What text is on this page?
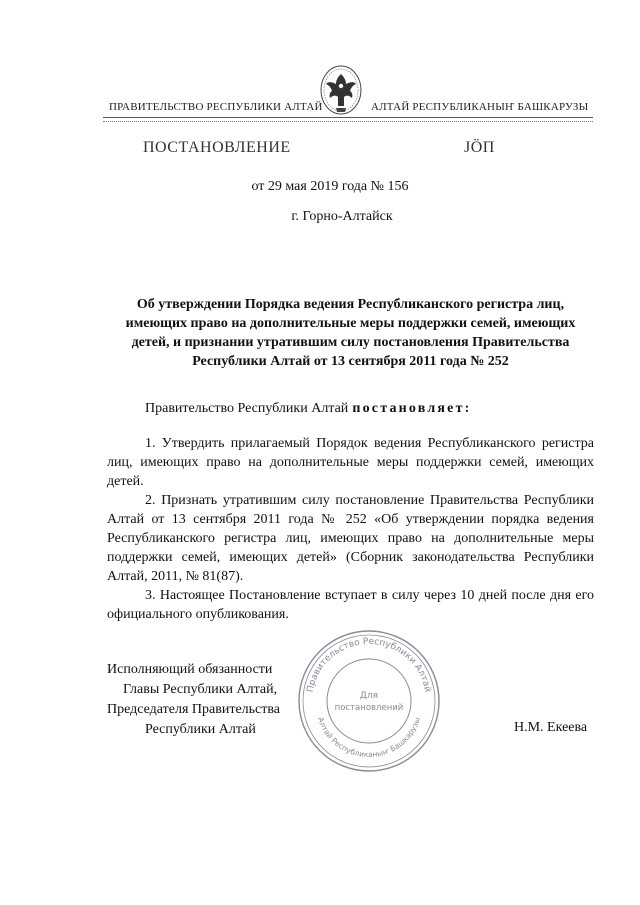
ПРАВИТЕЛЬСТВО РЕСПУБЛИКИ АЛТАЙ	АЛТАЙ РЕСПУБЛИКАНЫҤ БАШКАРУЗЫ
ПОСТАНОВЛЕНИЕ	ЈӦП
от 29 мая 2019 года № 156
г. Горно-Алтайск
Об утверждении Порядка ведения Республиканского регистра лиц, имеющих право на дополнительные меры поддержки семей, имеющих детей, и признании утратившим силу постановления Правительства Республики Алтай от 13 сентября 2011 года № 252
Правительство Республики Алтай постановляет:

1. Утвердить прилагаемый Порядок ведения Республиканского регистра лиц, имеющих право на дополнительные меры поддержки семей, имеющих детей.

2. Признать утратившим силу постановление Правительства Республики Алтай от 13 сентября 2011 года № 252 «Об утверждении порядка ведения Республиканского регистра лиц, имеющих право на дополнительные меры поддержки семей, имеющих детей» (Сборник законодательства Республики Алтай, 2011, № 81(87).

3. Настоящее Постановление вступает в силу через 10 дней после дня его официального опубликования.

Правительство Республики Алтай
Алтай Республиканыҥ Башкарузы
Для
постановлений
Исполняющий обязанности
Главы Республики Алтай,
Председателя Правительства
Республики Алтай	Н.М. Екеева
